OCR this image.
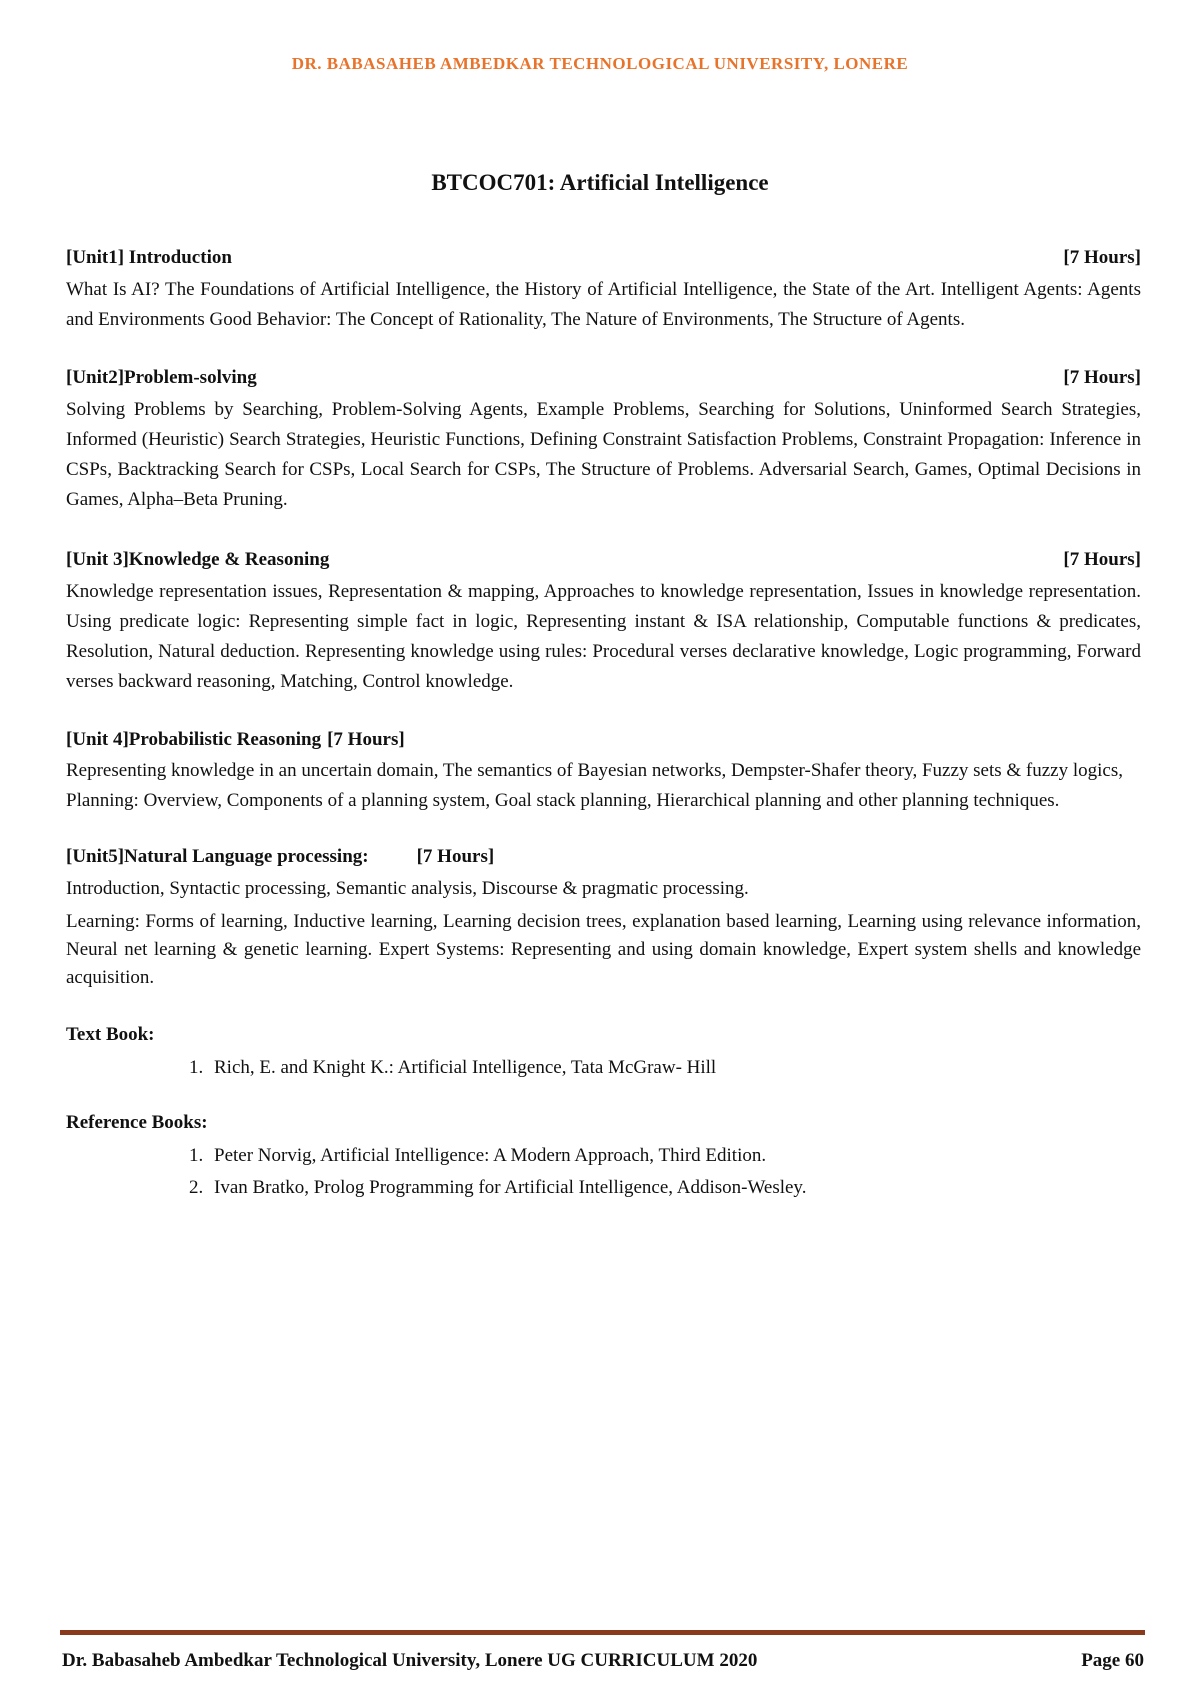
DR. BABASAHEB AMBEDKAR TECHNOLOGICAL UNIVERSITY, LONERE
BTCOC701: Artificial Intelligence
[Unit1] Introduction	[7 Hours]

What Is AI? The Foundations of Artificial Intelligence, the History of Artificial Intelligence, the State of the Art. Intelligent Agents: Agents and Environments Good Behavior: The Concept of Rationality, The Nature of Environments, The Structure of Agents.

[Unit2]Problem-solving	[7 Hours]

Solving Problems by Searching, Problem-Solving Agents, Example Problems, Searching for Solutions, Uninformed Search Strategies, Informed (Heuristic) Search Strategies, Heuristic Functions, Defining Constraint Satisfaction Problems, Constraint Propagation: Inference in CSPs, Backtracking Search for CSPs, Local Search for CSPs, The Structure of Problems. Adversarial Search, Games, Optimal Decisions in Games, Alpha–Beta Pruning.

[Unit 3]Knowledge & Reasoning	[7 Hours]

Knowledge representation issues, Representation & mapping, Approaches to knowledge representation, Issues in knowledge representation. Using predicate logic: Representing simple fact in logic, Representing instant & ISA relationship, Computable functions & predicates, Resolution, Natural deduction. Representing knowledge using rules: Procedural verses declarative knowledge, Logic programming, Forward verses backward reasoning, Matching, Control knowledge.

[Unit 4]Probabilistic Reasoning [7 Hours]

Representing knowledge in an uncertain domain, The semantics of Bayesian networks, Dempster-Shafer theory, Fuzzy sets & fuzzy logics,

Planning: Overview, Components of a planning system, Goal stack planning, Hierarchical planning and other planning techniques.

[Unit5]Natural Language processing:	[7 Hours]

Introduction, Syntactic processing, Semantic analysis, Discourse & pragmatic processing.

Learning: Forms of learning, Inductive learning, Learning decision trees, explanation based learning, Learning using relevance information, Neural net learning & genetic learning. Expert Systems: Representing and using domain knowledge, Expert system shells and knowledge acquisition.

Text Book:
1. Rich, E. and Knight K.: Artificial Intelligence, Tata McGraw- Hill
Reference Books:
1. Peter Norvig, Artificial Intelligence: A Modern Approach, Third Edition.
2. Ivan Bratko, Prolog Programming for Artificial Intelligence, Addison-Wesley.
Dr. Babasaheb Ambedkar Technological University, Lonere UG CURRICULUM 2020	Page 60
